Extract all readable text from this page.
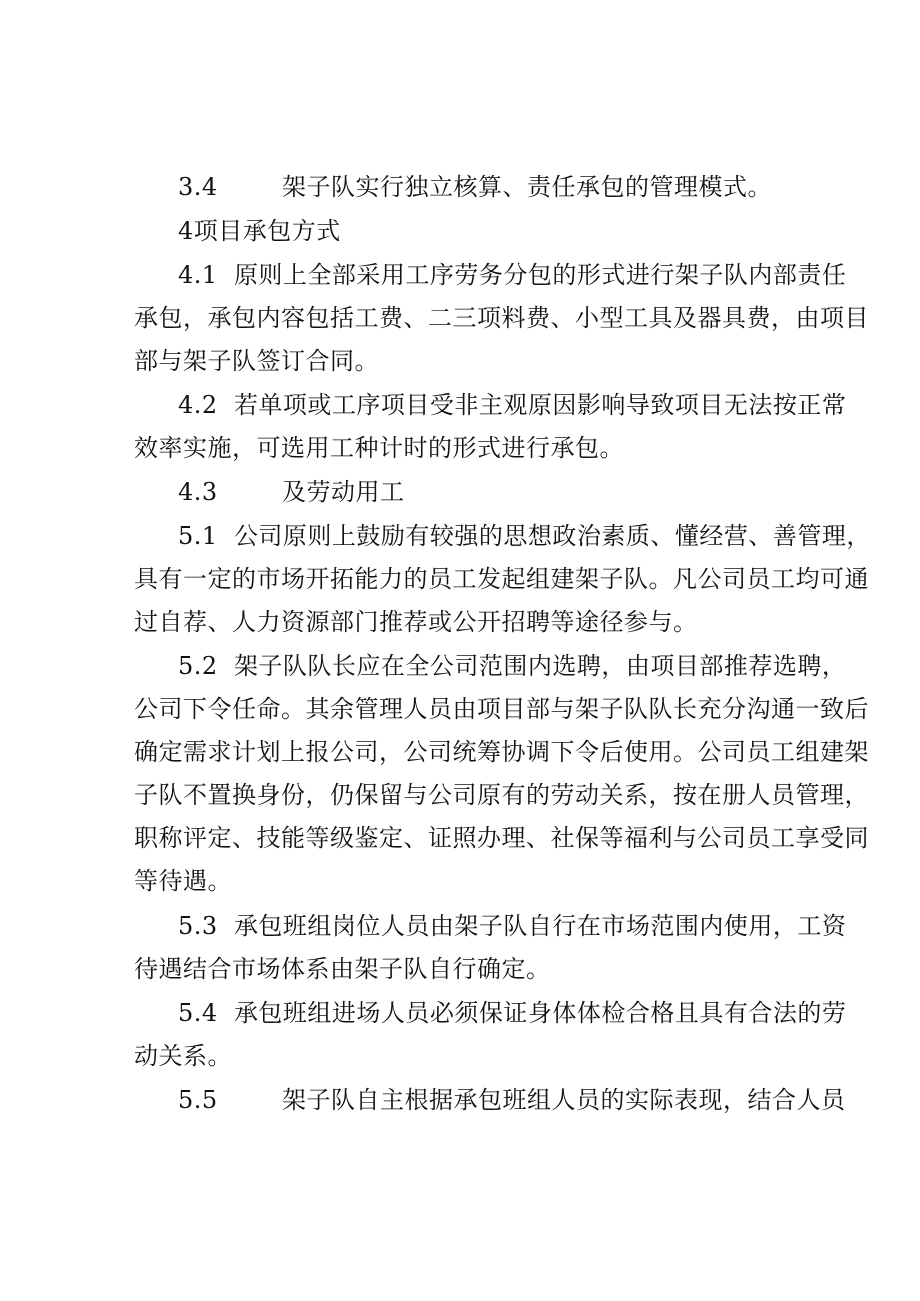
3.4	架子队实行独立核算、责任承包的管理模式。
4项目承包方式
4.1 原则上全部采用工序劳务分包的形式进行架子队内部责任
承包，承包内容包括工费、二三项料费、小型工具及器具费，由项目
部与架子队签订合同。
4.2 若单项或工序项目受非主观原因影响导致项目无法按正常
效率实施，可选用工种计时的形式进行承包。
4.3	及劳动用工
5.1 公司原则上鼓励有较强的思想政治素质、懂经营、善管理，
具有一定的市场开拓能力的员工发起组建架子队。凡公司员工均可通
过自荐、人力资源部门推荐或公开招聘等途径参与。
5.2 架子队队长应在全公司范围内选聘，由项目部推荐选聘，
公司下令任命。其余管理人员由项目部与架子队队长充分沟通一致后
确定需求计划上报公司，公司统筹协调下令后使用。公司员工组建架
子队不置换身份，仍保留与公司原有的劳动关系，按在册人员管理，
职称评定、技能等级鉴定、证照办理、社保等福利与公司员工享受同
等待遇。
5.3 承包班组岗位人员由架子队自行在市场范围内使用，工资
待遇结合市场体系由架子队自行确定。
5.4 承包班组进场人员必须保证身体体检合格且具有合法的劳
动关系。
5.5	架子队自主根据承包班组人员的实际表现，结合人员
